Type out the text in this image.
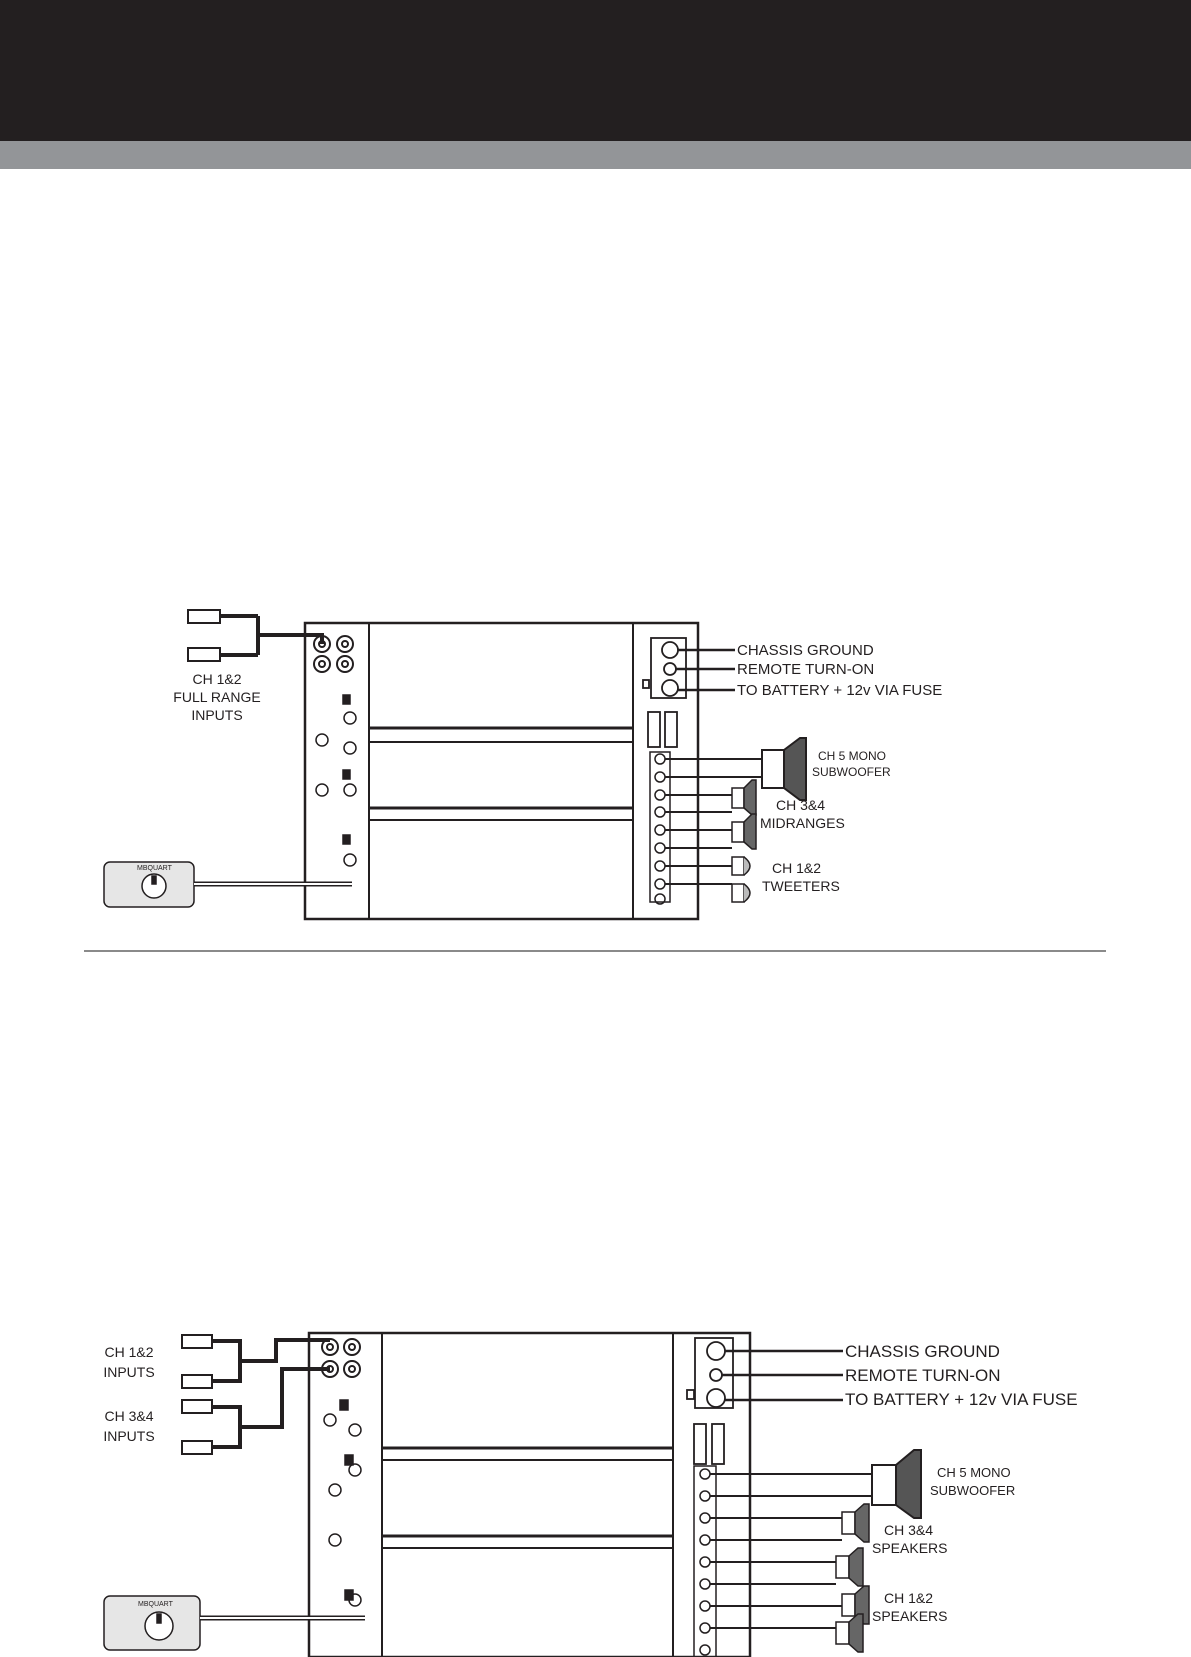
CH 1&2
FULL RANGE
INPUTS
CHASSIS GROUND
REMOTE TURN-ON
TO BATTERY + 12v VIA FUSE
CH 5 MONO
SUBWOOFER
CH 3&4
MIDRANGES
CH 1&2
TWEETERS
MBQUART
CH 1&2
INPUTS
CH 3&4
INPUTS
CHASSIS GROUND
REMOTE TURN-ON
TO BATTERY + 12v VIA FUSE
CH 5 MONO
SUBWOOFER
CH 3&4
SPEAKERS
CH 1&2
SPEAKERS
MBQUART
